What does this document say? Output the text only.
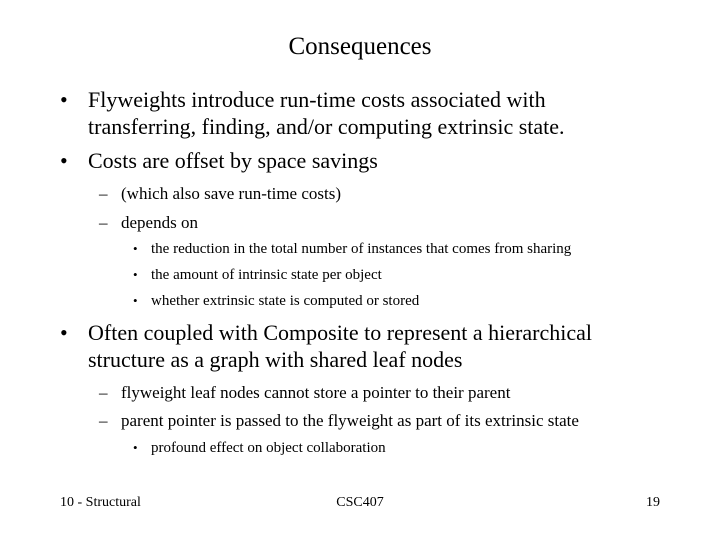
Consequences
• Flyweights introduce run-time costs associated with
transferring, finding, and/or computing extrinsic state.
• Costs are offset by space savings
– (which also save run-time costs)
– depends on
• the reduction in the total number of instances that comes from sharing
• the amount of intrinsic state per object
• whether extrinsic state is computed or stored
• Often coupled with Composite to represent a hierarchical
structure as a graph with shared leaf nodes
– flyweight leaf nodes cannot store a pointer to their parent
– parent pointer is passed to the flyweight as part of its extrinsic state
• profound effect on object collaboration
10 - Structural	CSC407	19
